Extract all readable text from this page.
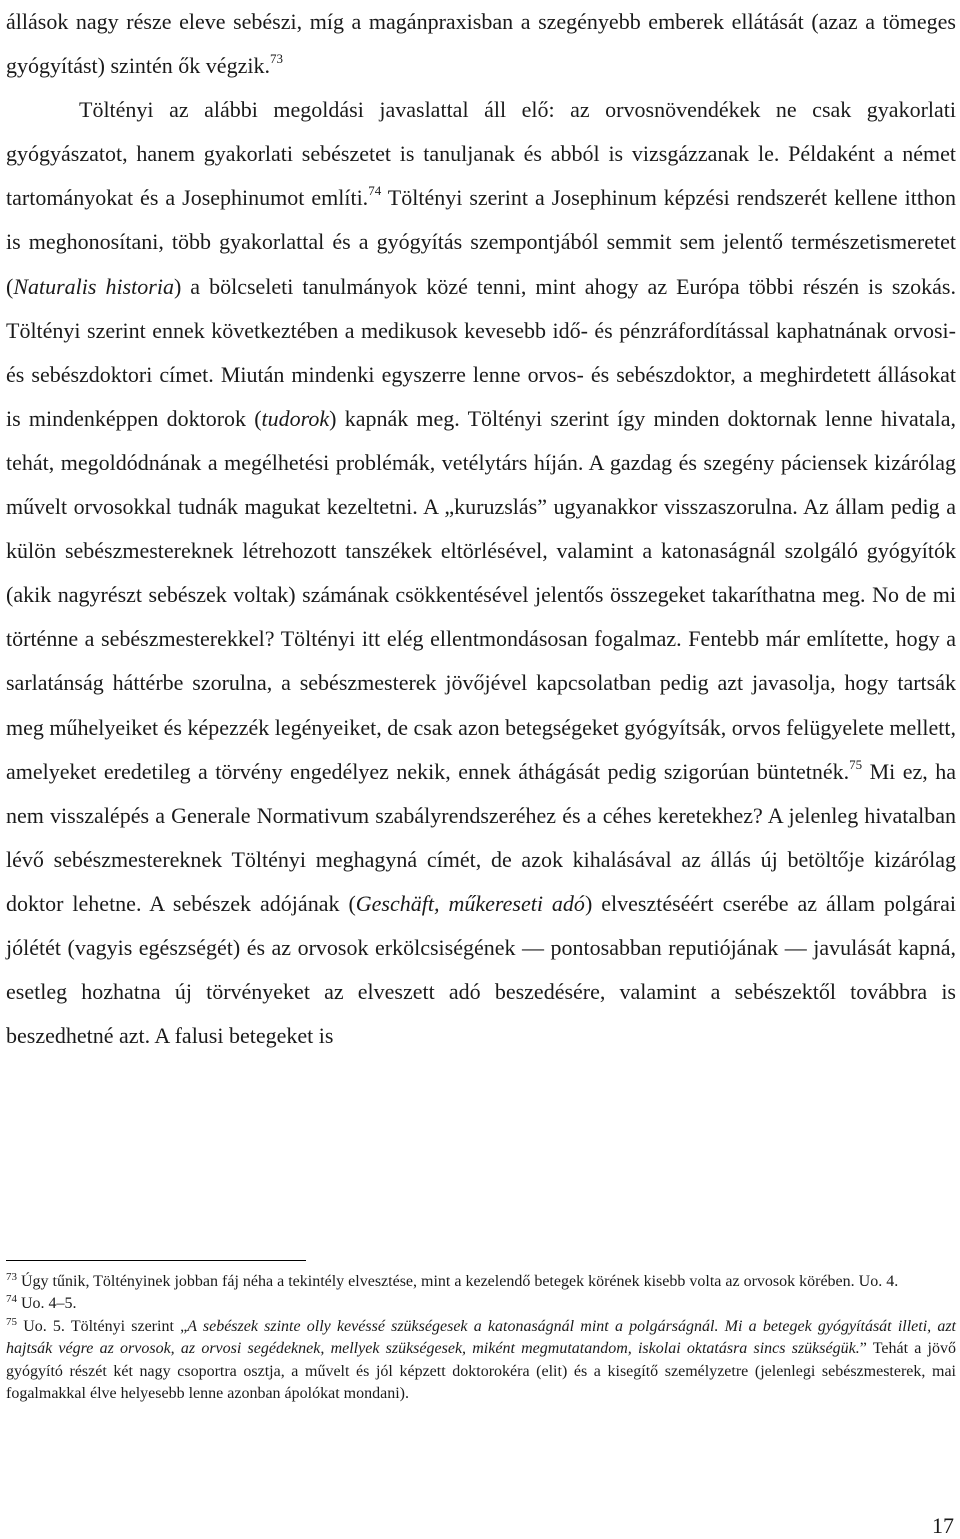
állások nagy része eleve sebészi, míg a magánpraxisban a szegényebb emberek ellátását (azaz a tömeges gyógyítást) szintén ők végzik.$^{73}$

Töltényi az alábbi megoldási javaslattal áll elő: az orvosnövendékek ne csak gyakorlati gyógyászatot, hanem gyakorlati sebészetet is tanuljanak és abból is vizsgázzanak le. Példaként a német tartományokat és a Josephinumot említi.$^{74}$ Töltényi szerint a Josephinum képzési rendszerét kellene itthon is meghonosítani, több gyakorlattal és a gyógyítás szempontjából semmit sem jelentő természetismeretet (Naturalis historia) a bölcseleti tanulmányok közé tenni, mint ahogy az Európa többi részén is szokás. Töltényi szerint ennek következtében a medikusok kevesebb idő- és pénzráfordítással kaphatnának orvosi- és sebészdoktori címet. Miután mindenki egyszerre lenne orvos- és sebészdoktor, a meghirdetett állásokat is mindenképpen doktorok (tudorok) kapnák meg. Töltényi szerint így minden doktornak lenne hivatala, tehát, megoldódnának a megélhetési problémák, vetélytárs híján. A gazdag és szegény páciensek kizárólag művelt orvosokkal tudnák magukat kezeltetni. A „kuruzslás” ugyanakkor visszaszorulna. Az állam pedig a külön sebészmestereknek létrehozott tanszékek eltörlésével, valamint a katonaságnál szolgáló gyógyítók (akik nagyrészt sebészek voltak) számának csökkentésével jelentős összegeket takaríthatna meg. No de mi történne a sebészmesterekkel? Töltényi itt elég ellentmondásosan fogalmaz. Fentebb már említette, hogy a sarlatánság háttérbe szorulna, a sebészmesterek jövőjével kapcsolatban pedig azt javasolja, hogy tartsák meg műhelyeiket és képezzék legényeiket, de csak azon betegségeket gyógyítsák, orvos felügyelete mellett, amelyeket eredetileg a törvény engedélyez nekik, ennek áthágását pedig szigorúan büntetnék.$^{75}$ Mi ez, ha nem visszalépés a Generale Normativum szabályrendszeréhez és a céhes keretekhez? A jelenleg hivatalban lévő sebészmestereknek Töltényi meghagyná címét, de azok kihalásával az állás új betöltője kizárólag doktor lehetne. A sebészek adójának (Geschäft, műkereseti adó) elvesztéséért cserébe az állam polgárai jólétét (vagyis egészségét) és az orvosok erkölcsiségének ― pontosabban reputiójának ― javulását kapná, esetleg hozhatna új törvényeket az elveszett adó beszedésére, valamint a sebészektől továbbra is beszedhetné azt. A falusi betegeket is

$^{73}$ Úgy tűnik, Töltényinek jobban fáj néha a tekintély elvesztése, mint a kezelendő betegek körének kisebb volta az orvosok körében. Uo. 4.

$^{74}$ Uo. 4–5.

$^{75}$ Uo. 5. Töltényi szerint „A sebészek szinte olly kevéssé szükségesek a katonaságnál mint a polgárságnál. Mi a betegek gyógyítását illeti, azt hajtsák végre az orvosok, az orvosi segédeknek, mellyek szükségesek, miként megmutatandom, iskolai oktatásra sincs szükségük.” Tehát a jövő gyógyító részét két nagy csoportra osztja, a művelt és jól képzett doktorokéra (elit) és a kisegítő személyzetre (jelenlegi sebészmesterek, mai fogalmakkal élve helyesebb lenne azonban ápolókat mondani).

17
